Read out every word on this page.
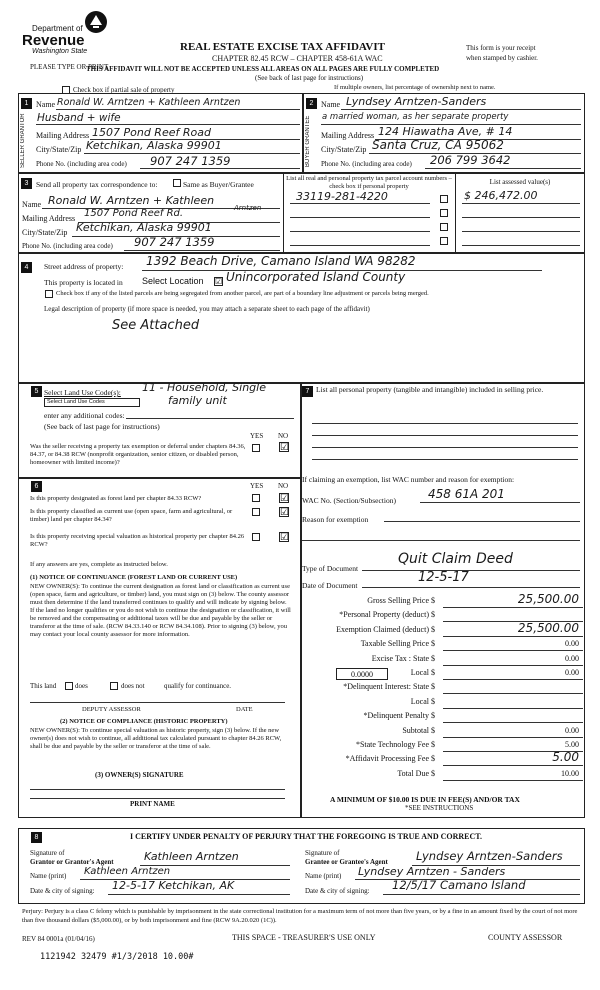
Department of
Revenue
Washington State
PLEASE TYPE OR PRINT
REAL ESTATE EXCISE TAX AFFIDAVIT
CHAPTER 82.45 RCW – CHAPTER 458-61A WAC
THIS AFFIDAVIT WILL NOT BE ACCEPTED UNLESS ALL AREAS ON ALL PAGES ARE FULLY COMPLETED
(See back of last page for instructions)
This form is your receipt
when stamped by cashier.
Check box if partial sale of property	If multiple owners, list percentage of ownership next to name.
1
SELLER GRANTOR
Name Ronald W. Arntzen + Kathleen Arntzen
Husband + wife
Mailing Address 1507 Pond Reef Road
City/State/Zip Ketchikan, Alaska 99901
Phone No. (including area code) 907 247 1359
2
BUYER GRANTEE
Name Lyndsey Arntzen-Sanders
a married woman, as her separate property
Mailing Address 124 Hiawatha Ave, # 14
City/State/Zip Santa Cruz, CA 95062
Phone No. (including area code) 206 799 3642
3	Send all property tax correspondence to:	Same as Buyer/Grantee
Name Ronald W. Arntzen + Kathleen
Arntzen
Mailing Address 1507 Pond Reef Rd.
City/State/Zip Ketchikan, Alaska 99901
Phone No. (including area code) 907 247 1359
List all real and personal property tax parcel account numbers – check box if personal property
List assessed value(s)
33119-281-4220	$ 246,472.00
4	Street address of property: 1392 Beach Drive, Camano Island WA 98282
This property is located in Select Location ☑ Unincorporated Island County
Check box if any of the listed parcels are being segregated from another parcel, are part of a boundary line adjustment or parcels being merged.
Legal description of property (if more space is needed, you may attach a separate sheet to each page of the affidavit)
See Attached
5 Select Land Use Code(s):
Select Land Use Codes
11 - Household, Single
family unit
enter any additional codes:
(See back of last page for instructions)
YES NO
Was the seller receiving a property tax exemption or deferral under chapters 84.36, 84.37, or 84.38 RCW (nonprofit organization, senior citizen, or disabled person, homeowner with limited income)?
☑
6	YES NO
Is this property designated as forest land per chapter 84.33 RCW?	☑
Is this property classified as current use (open space, farm and agricultural, or timber) land per chapter 84.34?
☑
Is this property receiving special valuation as historical property per chapter 84.26 RCW?
☑
If any answers are yes, complete as instructed below.
(1) NOTICE OF CONTINUANCE (FOREST LAND OR CURRENT USE)
NEW OWNER(S): To continue the current designation as forest land or classification as current use (open space, farm and agriculture, or timber) land, you must sign on (3) below. The county assessor must then determine if the land transferred continues to qualify and will indicate by signing below. If the land no longer qualifies or you do not wish to continue the designation or classification, it will be removed and the compensating or additional taxes will be due and payable by the seller or transferor at the time of sale. (RCW 84.33.140 or RCW 84.34.108). Prior to signing (3) below, you may contact your local county assessor for more information.
This land	does	does not	qualify for continuance.
DEPUTY ASSESSOR	DATE
(2) NOTICE OF COMPLIANCE (HISTORIC PROPERTY)
NEW OWNER(S): To continue special valuation as historic property, sign (3) below. If the new owner(s) does not wish to continue, all additional tax calculated pursuant to chapter 84.26 RCW, shall be due and payable by the seller or transferor at the time of sale.
(3) OWNER(S) SIGNATURE
PRINT NAME
7 List all personal property (tangible and intangible) included in selling price.
If claiming an exemption, list WAC number and reason for exemption:
WAC No. (Section/Subsection)	458 61A 201
Reason for exemption
Type of Document
Quit Claim Deed
Date of Document
12-5-17
Gross Selling Price $	25,500.00
*Personal Property (deduct) $
Exemption Claimed (deduct) $	25,500.00
Taxable Selling Price $	0.00
Excise Tax : State $	0.00
Local $	0.00
0.0000
*Delinquent Interest: State $
Local $
*Delinquent Penalty $
Subtotal $	0.00
*State Technology Fee $	5.00
*Affidavit Processing Fee $	5.00
Total Due $	10.00
A MINIMUM OF $10.00 IS DUE IN FEE(S) AND/OR TAX
*SEE INSTRUCTIONS
8	I CERTIFY UNDER PENALTY OF PERJURY THAT THE FOREGOING IS TRUE AND CORRECT.
Signature of
Grantor or Grantor's Agent	Kathleen Arntzen
Name (print) Kathleen Arntzen
Date & city of signing: 12-5-17 Ketchikan, AK
Signature of
Grantee or Grantee's Agent Lyndsey Arntzen-Sanders
Name (print) Lyndsey Arntzen - Sanders
Date & city of signing: 12/5/17 Camano Island
Perjury: Perjury is a class C felony which is punishable by imprisonment in the state correctional institution for a maximum term of not more than five years, or by a fine in an amount fixed by the court of not more than five thousand dollars ($5,000.00), or by both imprisonment and fine (RCW 9A.20.020 (1C)).
REV 84 0001a (01/04/16)	THIS SPACE - TREASURER'S USE ONLY	COUNTY ASSESSOR
1121942 32479 #1/3/2018 10.00#
